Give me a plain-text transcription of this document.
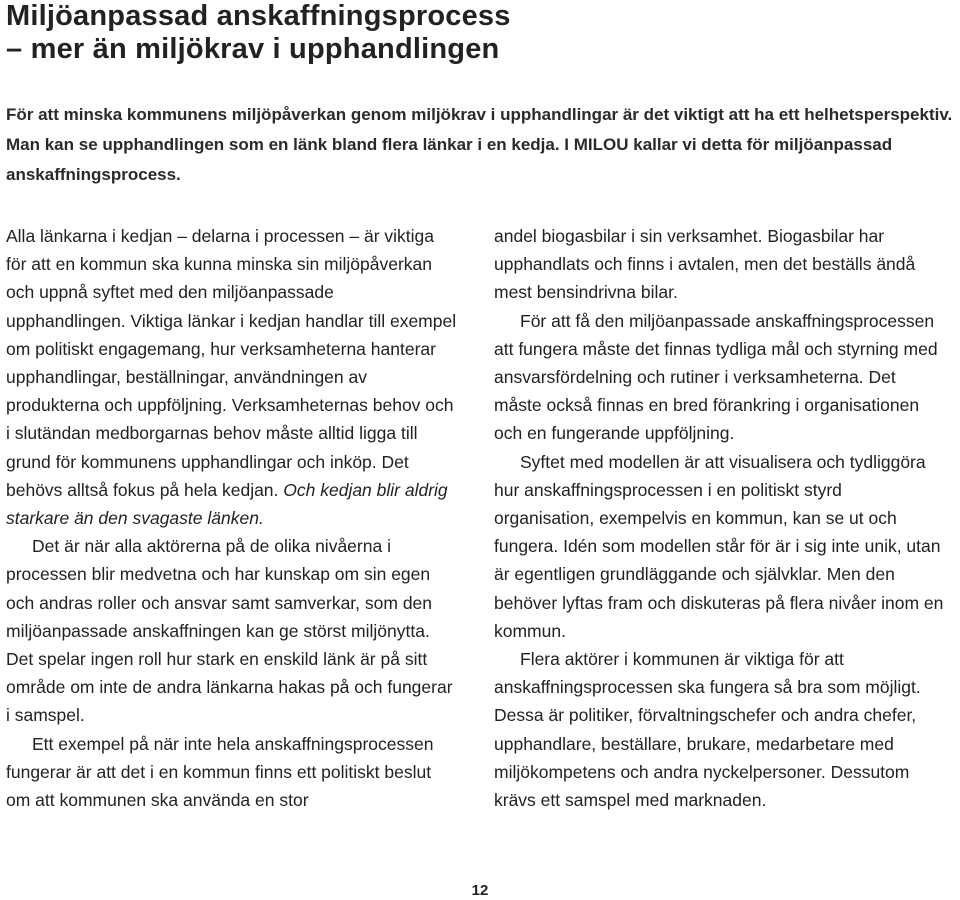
Miljöanpassad anskaffningsprocess
– mer än miljökrav i upphandlingen

För att minska kommunens miljöpåverkan genom miljökrav i upphandlingar är det viktigt att ha ett helhetsperspektiv. Man kan se upphandlingen som en länk bland flera länkar i en kedja. I MILOU kallar vi detta för miljöanpassad anskaffningsprocess.

Alla länkarna i kedjan – delarna i processen – är viktiga för att en kommun ska kunna minska sin miljöpåverkan och uppnå syftet med den miljöanpassade upphandlingen. Viktiga länkar i kedjan handlar till exempel om politiskt engagemang, hur verksamheterna hanterar upphandlingar, beställningar, användningen av produkterna och uppföljning. Verksamheternas behov och i slutändan medborgarnas behov måste alltid ligga till grund för kommunens upphandlingar och inköp. Det behövs alltså fokus på hela kedjan. Och kedjan blir aldrig starkare än den svagaste länken.

Det är när alla aktörerna på de olika nivåerna i processen blir medvetna och har kunskap om sin egen och andras roller och ansvar samt samverkar, som den miljöanpassade anskaffningen kan ge störst miljönytta. Det spelar ingen roll hur stark en enskild länk är på sitt område om inte de andra länkarna hakas på och fungerar i samspel.

Ett exempel på när inte hela anskaffningsprocessen fungerar är att det i en kommun finns ett politiskt beslut om att kommunen ska använda en stor

andel biogasbilar i sin verksamhet. Biogasbilar har upphandlats och finns i avtalen, men det beställs ändå mest bensindrivna bilar.

För att få den miljöanpassade anskaffningsprocessen att fungera måste det finnas tydliga mål och styrning med ansvarsfördelning och rutiner i verksamheterna. Det måste också finnas en bred förankring i organisationen och en fungerande uppföljning.

Syftet med modellen är att visualisera och tydliggöra hur anskaffningsprocessen i en politiskt styrd organisation, exempelvis en kommun, kan se ut och fungera. Idén som modellen står för är i sig inte unik, utan är egentligen grundläggande och självklar. Men den behöver lyftas fram och diskuteras på flera nivåer inom en kommun.

Flera aktörer i kommunen är viktiga för att anskaffningsprocessen ska fungera så bra som möjligt. Dessa är politiker, förvaltningschefer och andra chefer, upphandlare, beställare, brukare, medarbetare med miljökompetens och andra nyckelpersoner. Dessutom krävs ett samspel med marknaden.

12
